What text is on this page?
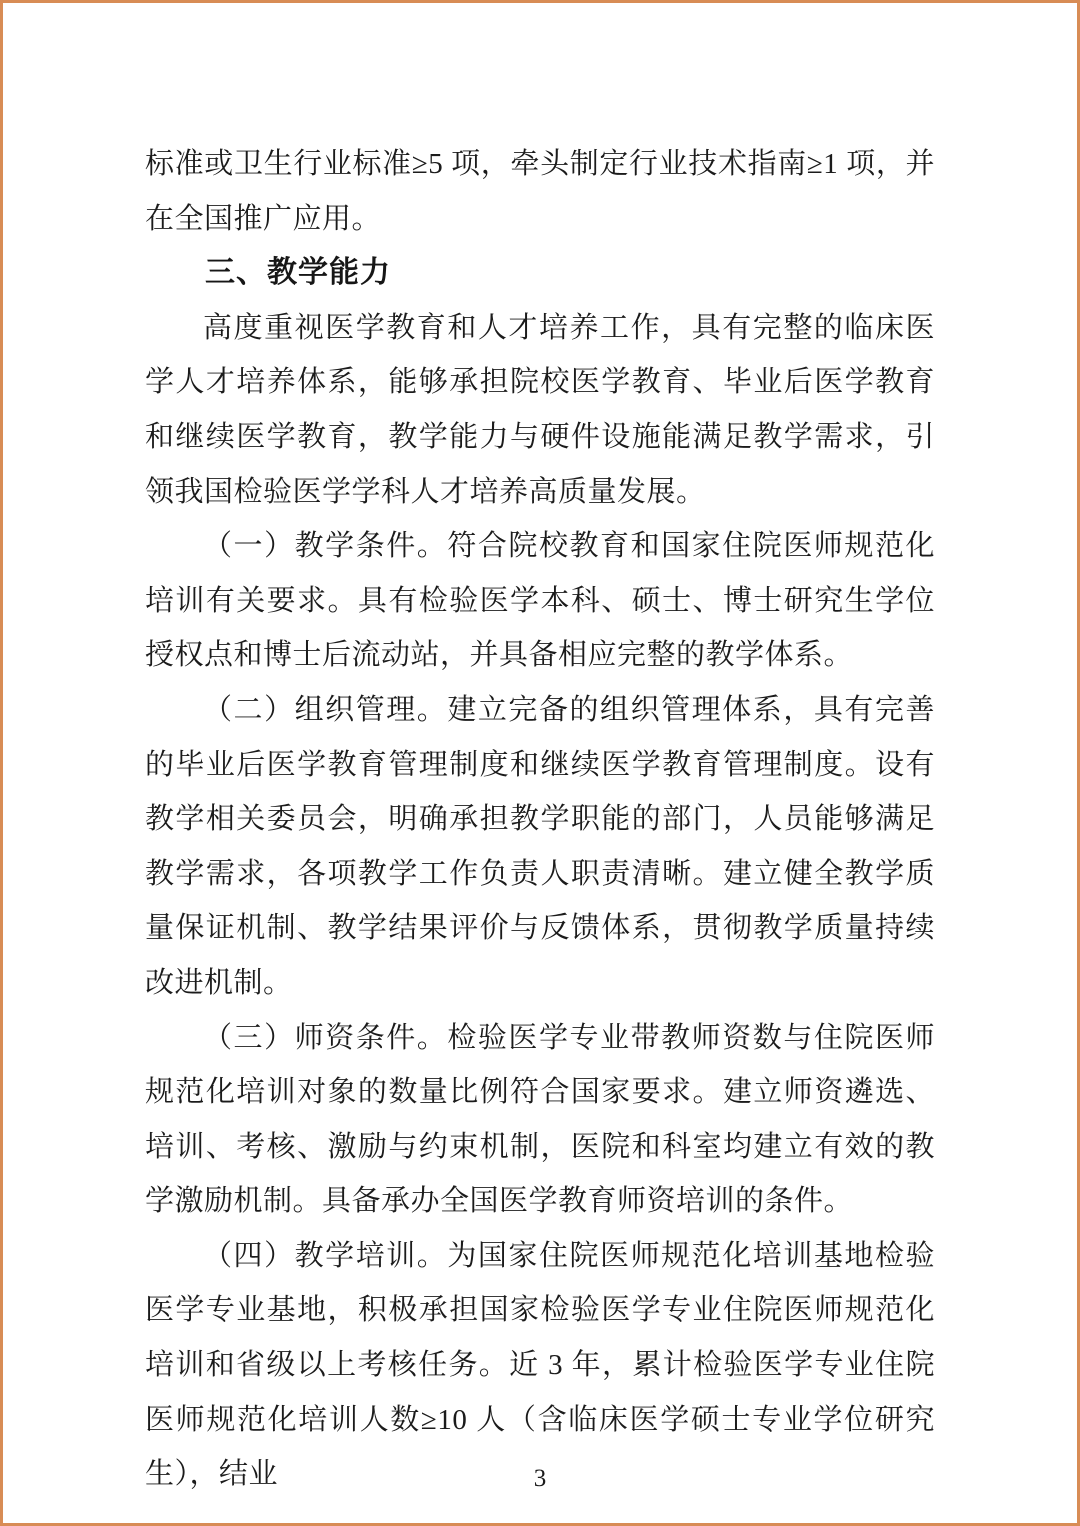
标准或卫生行业标准≥5 项，牵头制定行业技术指南≥1 项，并在全国推广应用。

三、教学能力

高度重视医学教育和人才培养工作，具有完整的临床医学人才培养体系，能够承担院校医学教育、毕业后医学教育和继续医学教育，教学能力与硬件设施能满足教学需求，引领我国检验医学学科人才培养高质量发展。

（一）教学条件。符合院校教育和国家住院医师规范化培训有关要求。具有检验医学本科、硕士、博士研究生学位授权点和博士后流动站，并具备相应完整的教学体系。

（二）组织管理。建立完备的组织管理体系，具有完善的毕业后医学教育管理制度和继续医学教育管理制度。设有教学相关委员会，明确承担教学职能的部门，人员能够满足教学需求，各项教学工作负责人职责清晰。建立健全教学质量保证机制、教学结果评价与反馈体系，贯彻教学质量持续改进机制。

（三）师资条件。检验医学专业带教师资数与住院医师规范化培训对象的数量比例符合国家要求。建立师资遴选、培训、考核、激励与约束机制，医院和科室均建立有效的教学激励机制。具备承办全国医学教育师资培训的条件。

（四）教学培训。为国家住院医师规范化培训基地检验医学专业基地，积极承担国家检验医学专业住院医师规范化培训和省级以上考核任务。近 3 年，累计检验医学专业住院医师规范化培训人数≥10 人（含临床医学硕士专业学位研究生），结业	3
